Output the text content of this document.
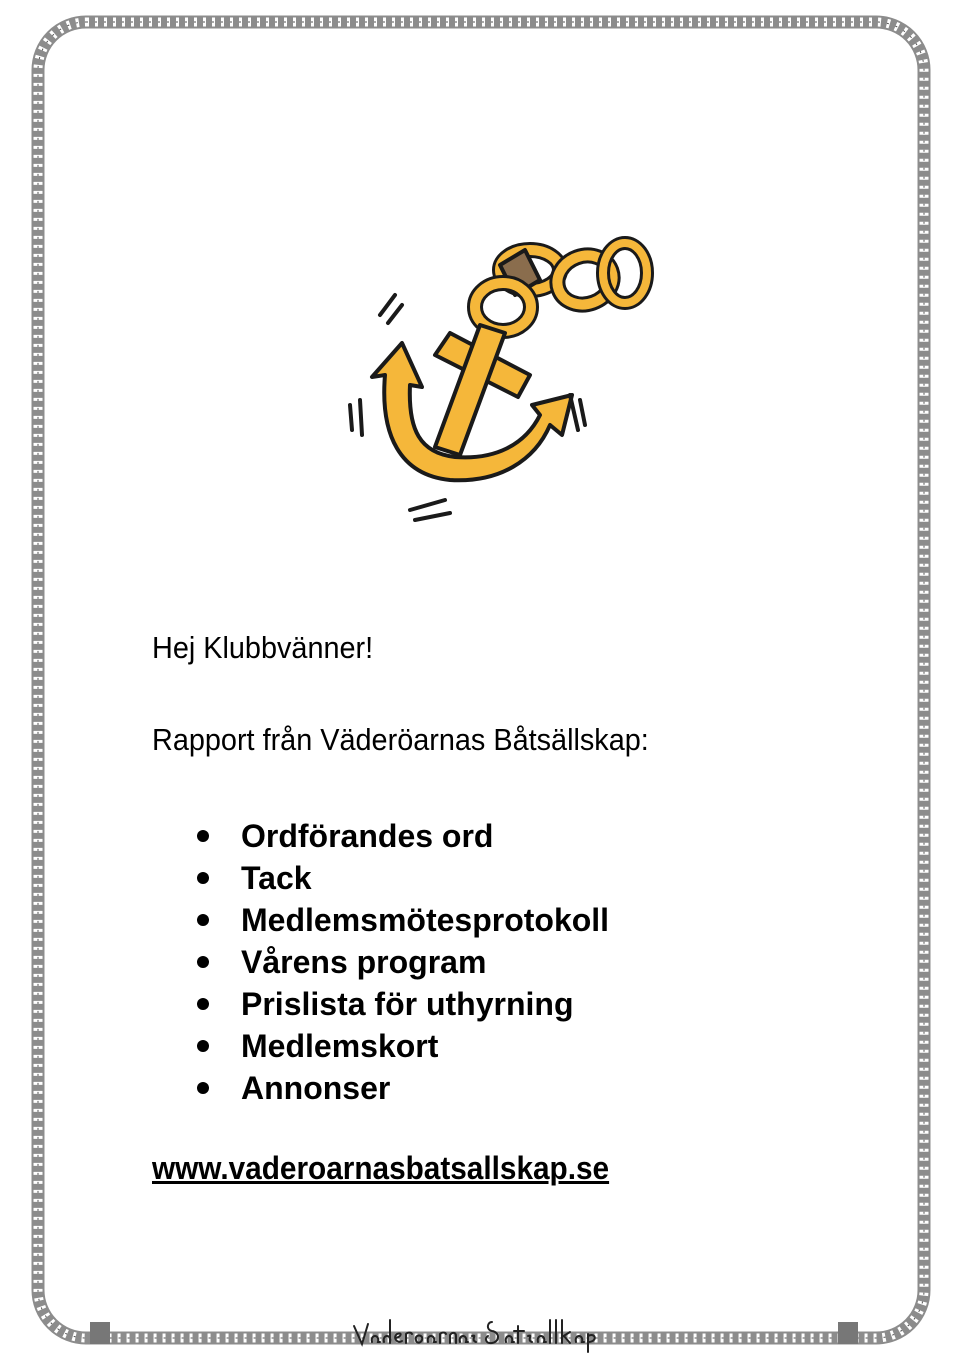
Hej Klubbvänner!
Rapport från Väderöarnas Båtsällskap:
Ordförandes ord
Tack
Medlemsmötesprotokoll
Vårens program
Prislista för uthyrning
Medlemskort
Annonser
www.vaderoarnasbatsallskap.se
Väderöarnas Båtsällskap
